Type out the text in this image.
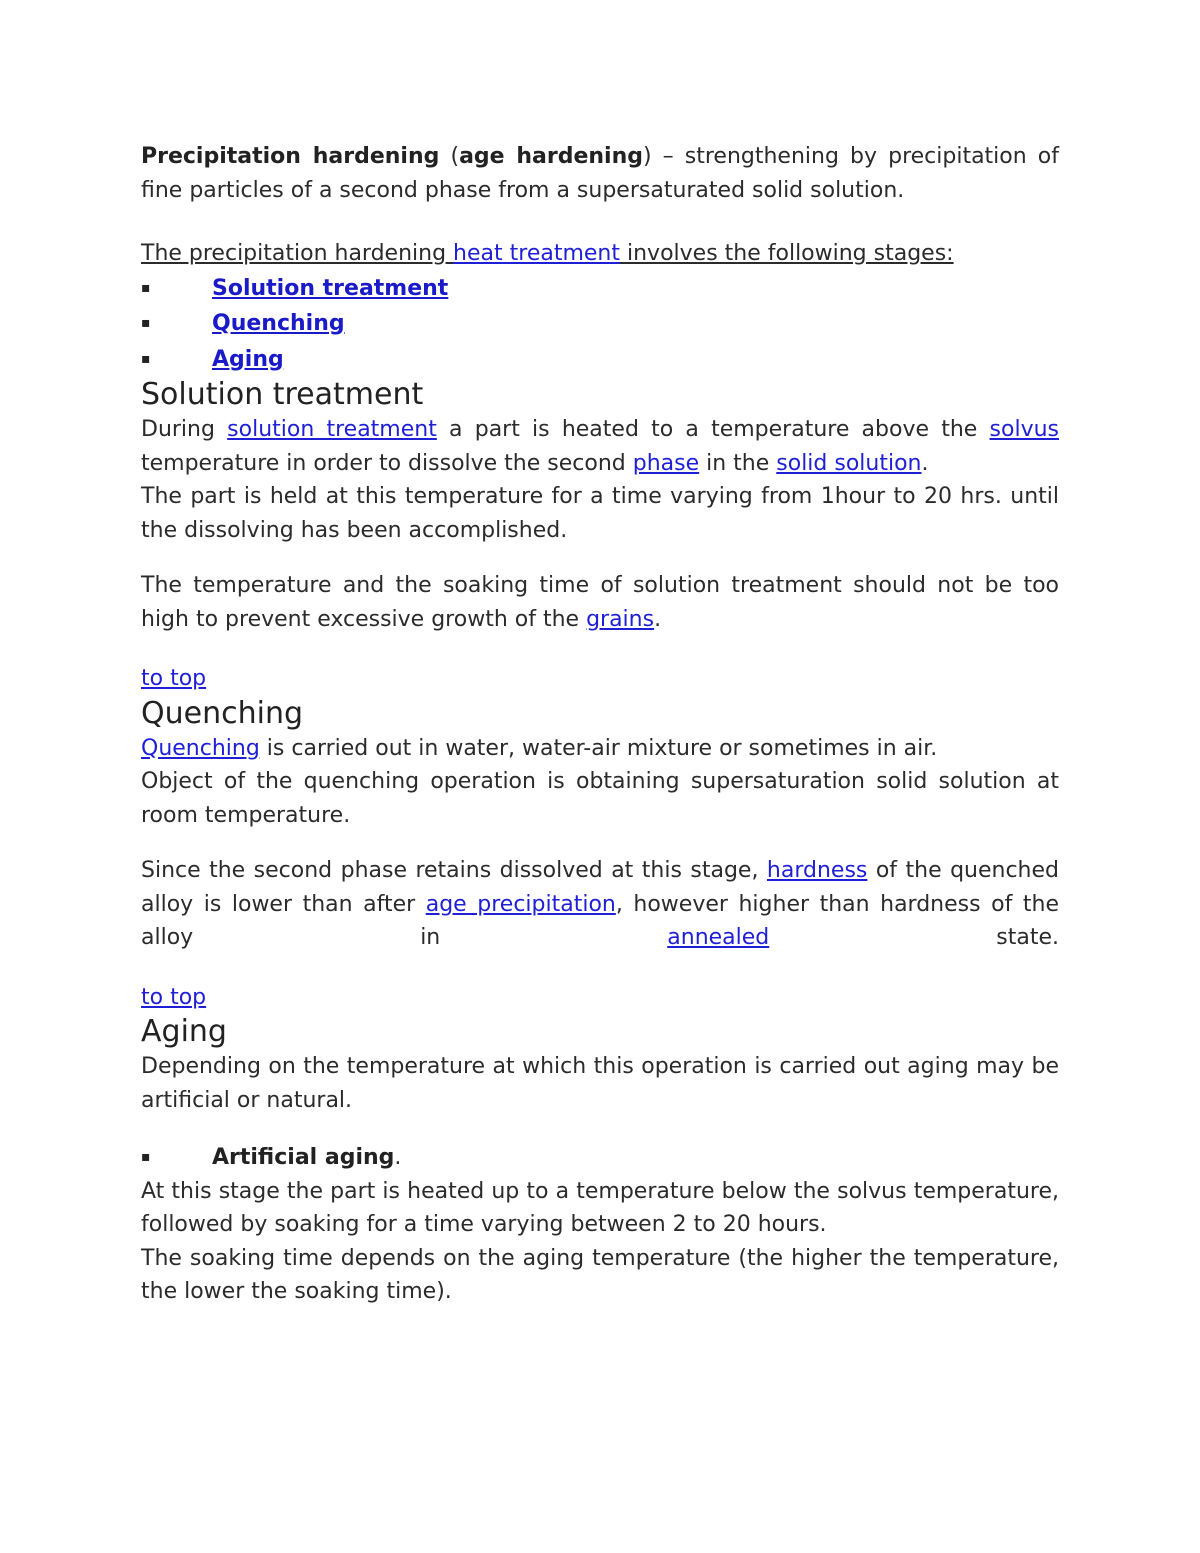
Precipitation hardening (age hardening) – strengthening by precipitation of fine particles of a second phase from a supersaturated solid solution.

The precipitation hardening heat treatment involves the following stages:

▪	Solution treatment
▪	Quenching
▪	Aging
Solution treatment

During solution treatment a part is heated to a temperature above the solvus temperature in order to dissolve the second phase in the solid solution.

The part is held at this temperature for a time varying from 1hour to 20 hrs. until the dissolving has been accomplished.

The temperature and the soaking time of solution treatment should not be too high to prevent excessive growth of the grains.

to top

Quenching

Quenching is carried out in water, water-air mixture or sometimes in air.

Object of the quenching operation is obtaining supersaturation solid solution at room temperature.

Since the second phase retains dissolved at this stage, hardness of the quenched alloy is lower than after age precipitation, however higher than hardness of the alloy in annealed state.

to top

Aging

Depending on the temperature at which this operation is carried out aging may be artificial or natural.

▪	Artificial aging.

At this stage the part is heated up to a temperature below the solvus temperature, followed by soaking for a time varying between 2 to 20 hours.

The soaking time depends on the aging temperature (the higher the temperature, the lower the soaking time).
